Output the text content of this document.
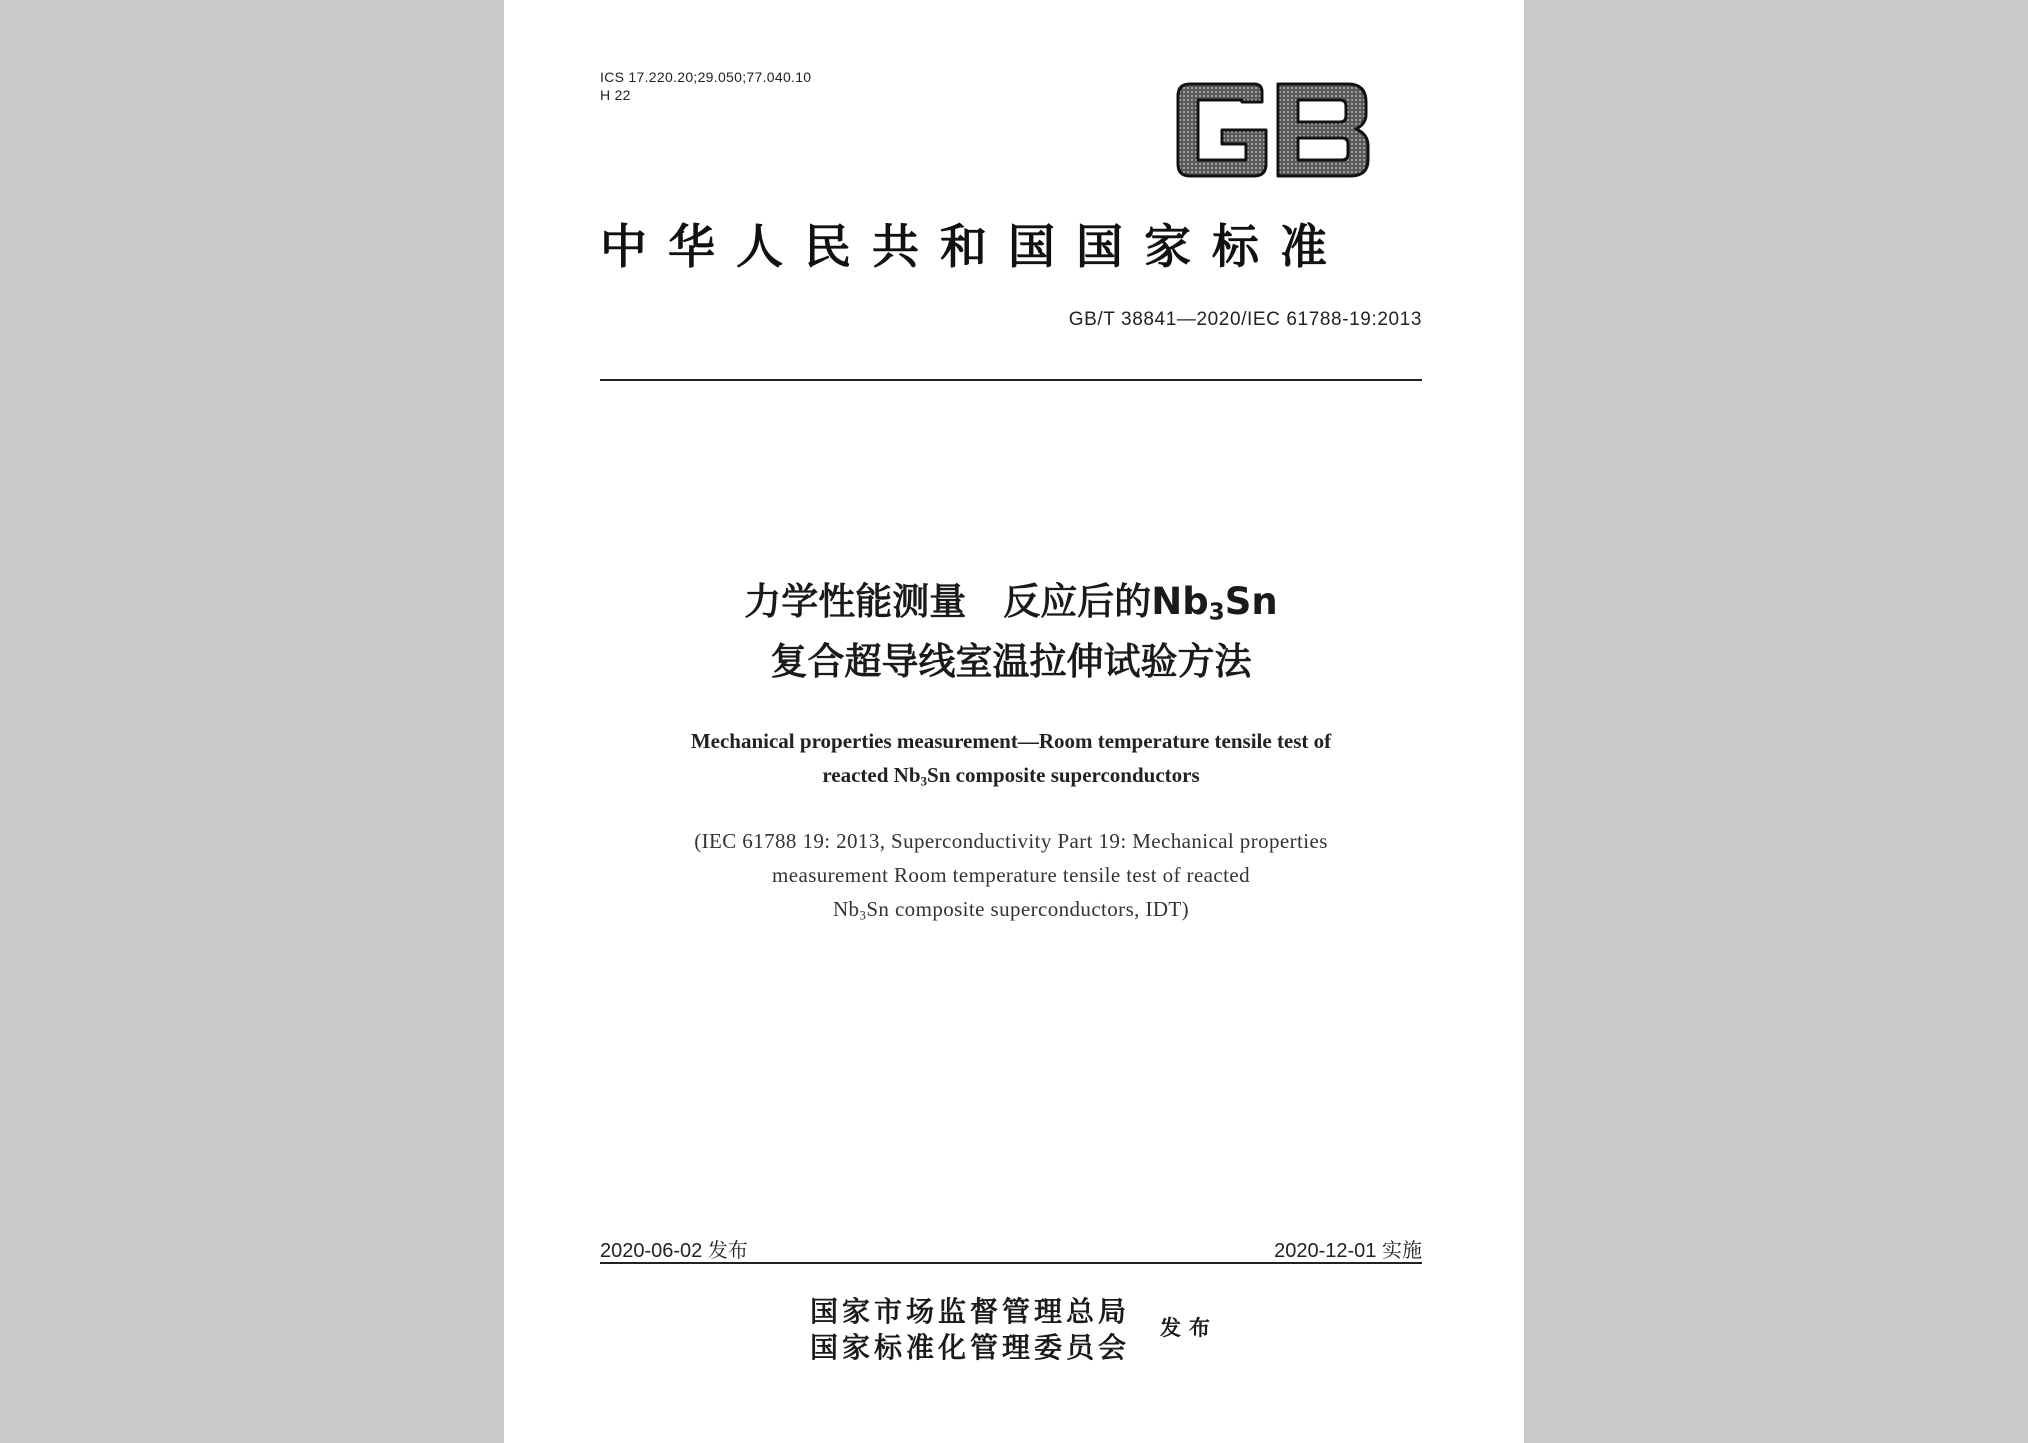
ICS 17.220.20;29.050;77.040.10
H 22
中华人民共和国国家标准
GB/T 38841—2020/IEC 61788-19:2013
力学性能测量　反应后的$Nb_3Sn$
复合超导线室温拉伸试验方法
Mechanical properties measurement—Room temperature tensile test of
reacted $Nb_3Sn$ composite superconductors
(IEC 61788 19: 2013, Superconductivity Part 19: Mechanical properties
measurement Room temperature tensile test of reacted
$Nb_3Sn$ composite superconductors, IDT)
2020-06-02 发布	2020-12-01 实施
国家市场监督管理总局
国家标准化管理委员会
发布
